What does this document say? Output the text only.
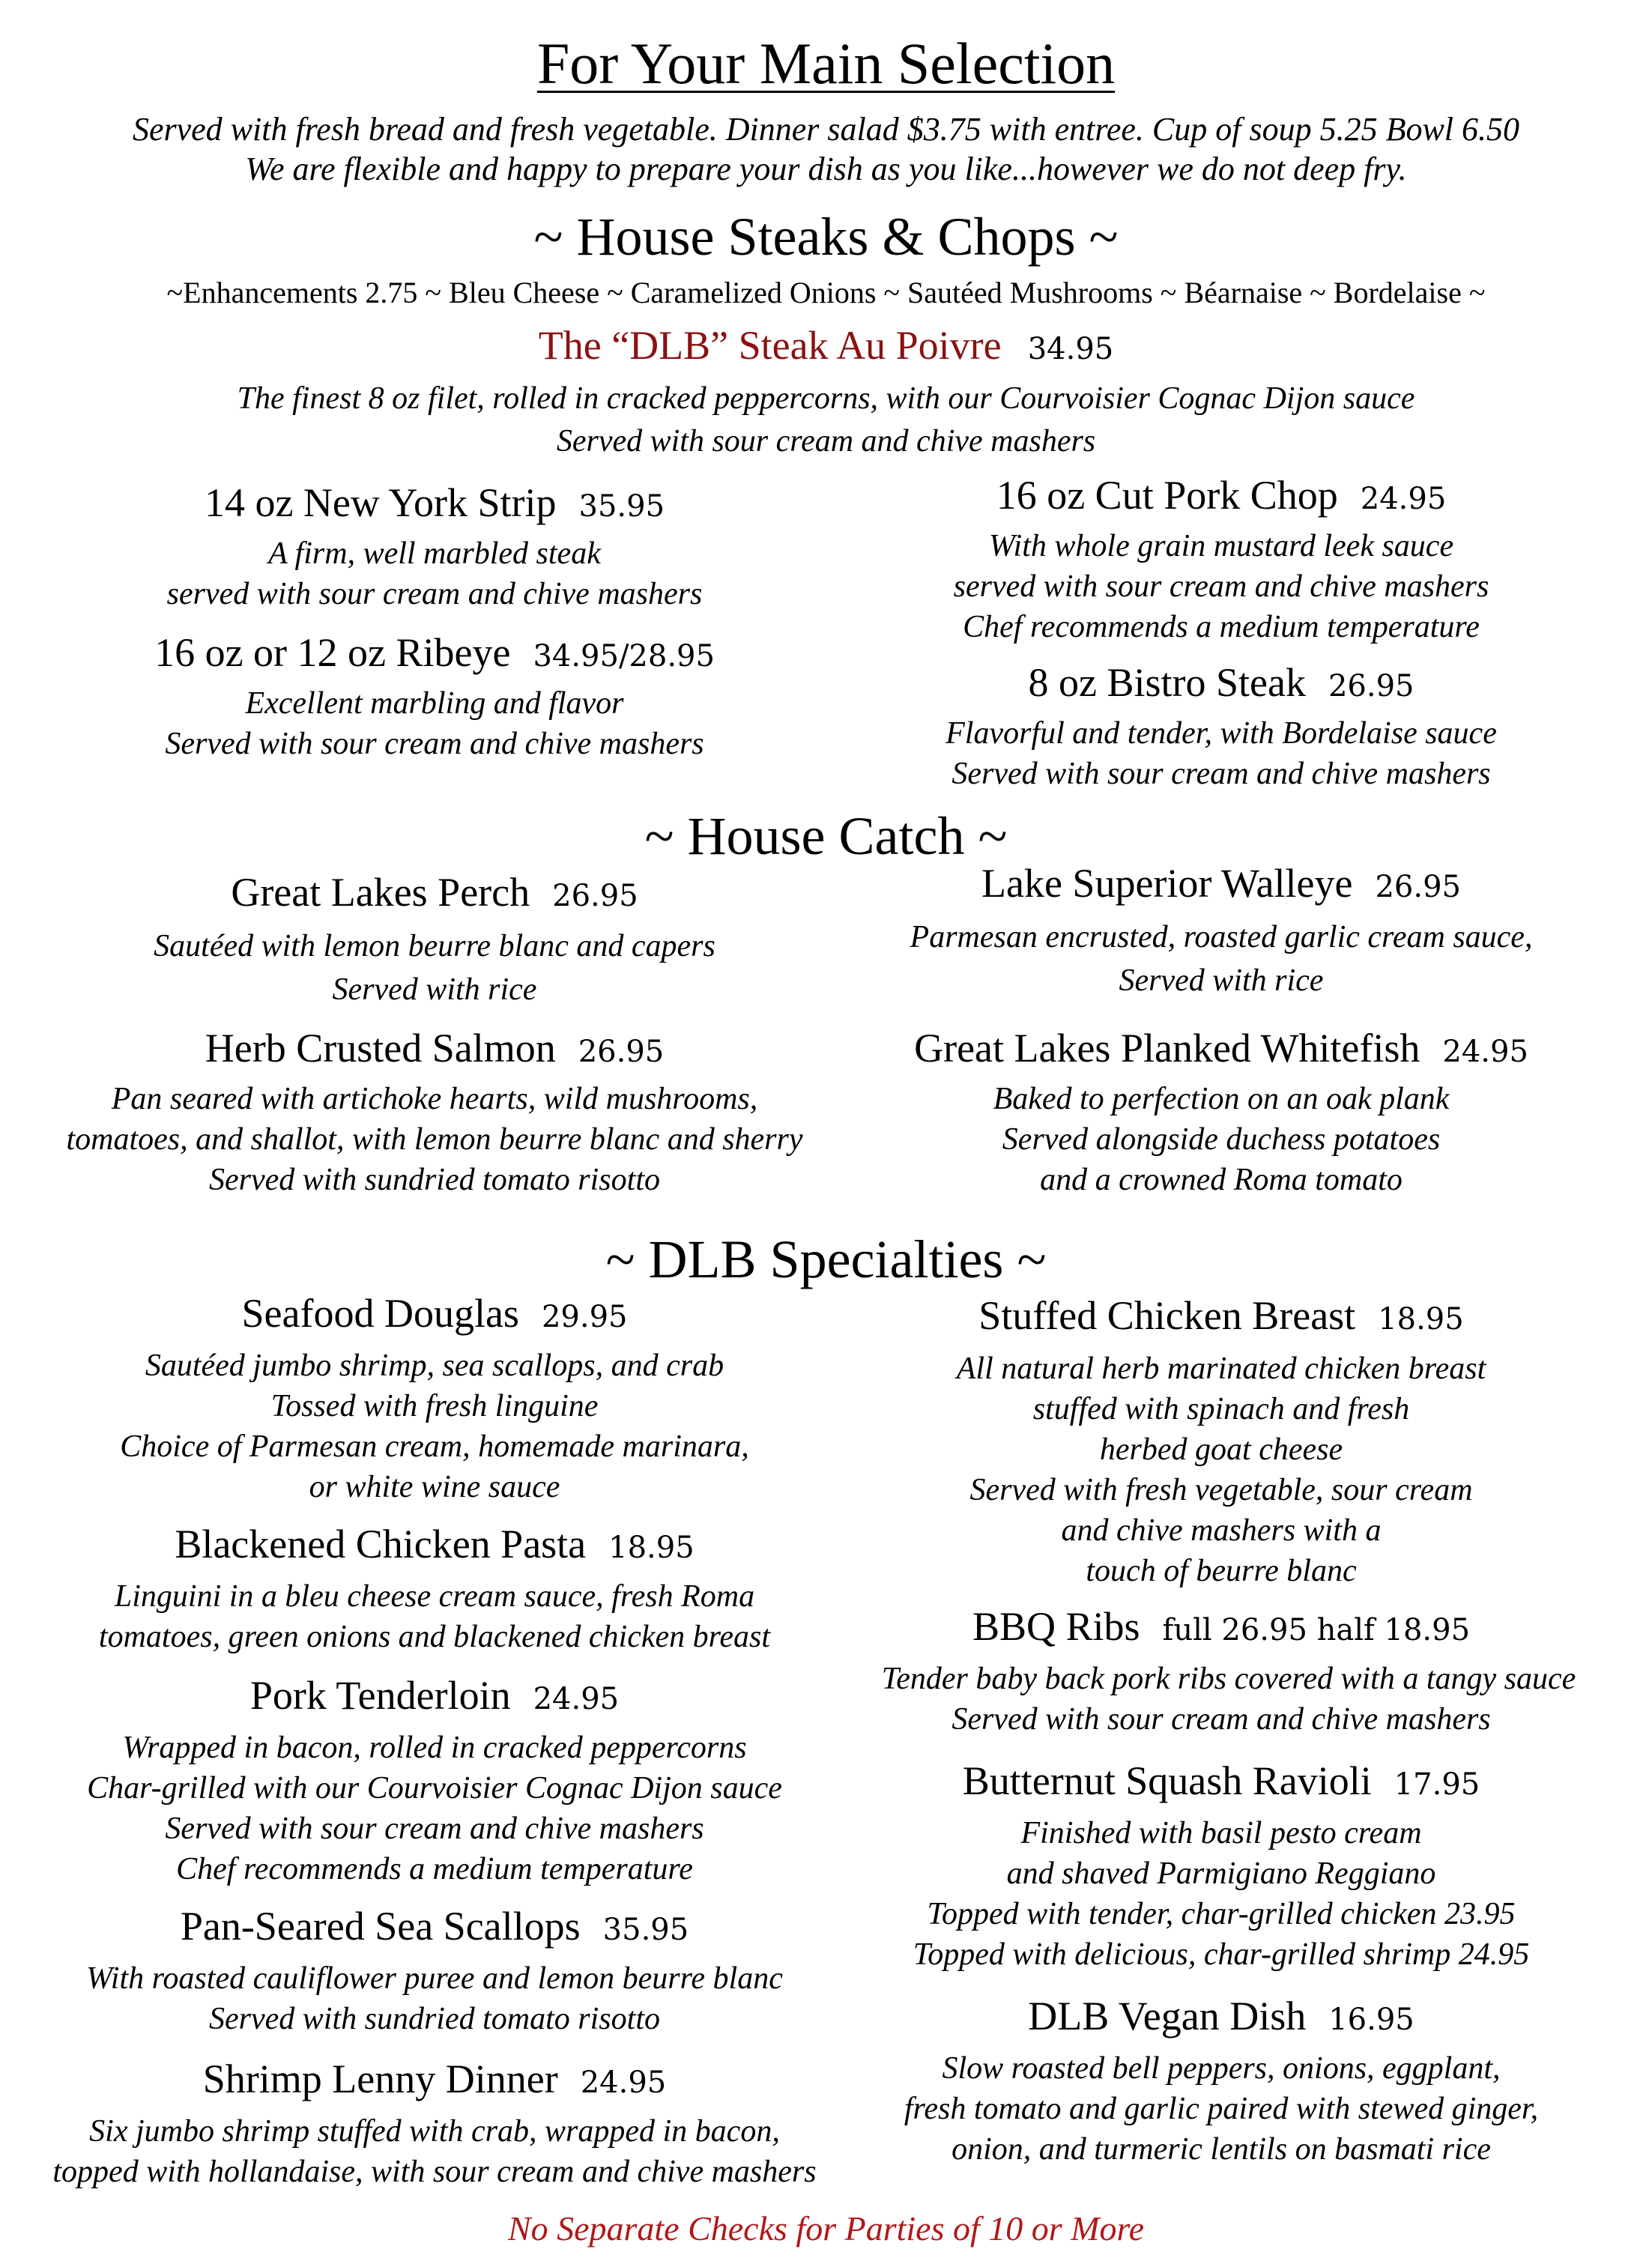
For Your Main Selection
Served with fresh bread and fresh vegetable. Dinner salad $3.75 with entree. Cup of soup 5.25 Bowl 6.50
We are flexible and happy to prepare your dish as you like...however we do not deep fry.
~ House Steaks & Chops ~
~Enhancements 2.75 ~ Bleu Cheese ~ Caramelized Onions ~ Sautéed Mushrooms ~ Béarnaise ~ Bordelaise ~
The “DLB” Steak Au Poivre 34.95
The finest 8 oz filet, rolled in cracked peppercorns, with our Courvoisier Cognac Dijon sauce
Served with sour cream and chive mashers
14 oz New York Strip 35.95
A firm, well marbled steak
served with sour cream and chive mashers
16 oz or 12 oz Ribeye 34.95/28.95
Excellent marbling and flavor
Served with sour cream and chive mashers
16 oz Cut Pork Chop 24.95
With whole grain mustard leek sauce
served with sour cream and chive mashers
Chef recommends a medium temperature
8 oz Bistro Steak 26.95
Flavorful and tender, with Bordelaise sauce
Served with sour cream and chive mashers
~ House Catch ~
Great Lakes Perch 26.95
Sautéed with lemon beurre blanc and capers
Served with rice
Herb Crusted Salmon 26.95
Pan seared with artichoke hearts, wild mushrooms,
tomatoes, and shallot, with lemon beurre blanc and sherry
Served with sundried tomato risotto
Lake Superior Walleye 26.95
Parmesan encrusted, roasted garlic cream sauce,
Served with rice
Great Lakes Planked Whitefish 24.95
Baked to perfection on an oak plank
Served alongside duchess potatoes
and a crowned Roma tomato
~ DLB Specialties ~
Seafood Douglas 29.95
Sautéed jumbo shrimp, sea scallops, and crab
Tossed with fresh linguine
Choice of Parmesan cream, homemade marinara,
or white wine sauce
Blackened Chicken Pasta 18.95
Linguini in a bleu cheese cream sauce, fresh Roma
tomatoes, green onions and blackened chicken breast
Pork Tenderloin 24.95
Wrapped in bacon, rolled in cracked peppercorns
Char-grilled with our Courvoisier Cognac Dijon sauce
Served with sour cream and chive mashers
Chef recommends a medium temperature
Pan-Seared Sea Scallops 35.95
With roasted cauliflower puree and lemon beurre blanc
Served with sundried tomato risotto
Shrimp Lenny Dinner 24.95
Six jumbo shrimp stuffed with crab, wrapped in bacon,
topped with hollandaise, with sour cream and chive mashers
Stuffed Chicken Breast 18.95
All natural herb marinated chicken breast
stuffed with spinach and fresh
herbed goat cheese
Served with fresh vegetable, sour cream
and chive mashers with a
touch of beurre blanc
BBQ Ribs full 26.95 half 18.95
Tender baby back pork ribs covered with a tangy sauce
Served with sour cream and chive mashers
Butternut Squash Ravioli 17.95
Finished with basil pesto cream
and shaved Parmigiano Reggiano
Topped with tender, char-grilled chicken 23.95
Topped with delicious, char-grilled shrimp 24.95
DLB Vegan Dish 16.95
Slow roasted bell peppers, onions, eggplant,
fresh tomato and garlic paired with stewed ginger,
onion, and turmeric lentils on basmati rice
No Separate Checks for Parties of 10 or More
